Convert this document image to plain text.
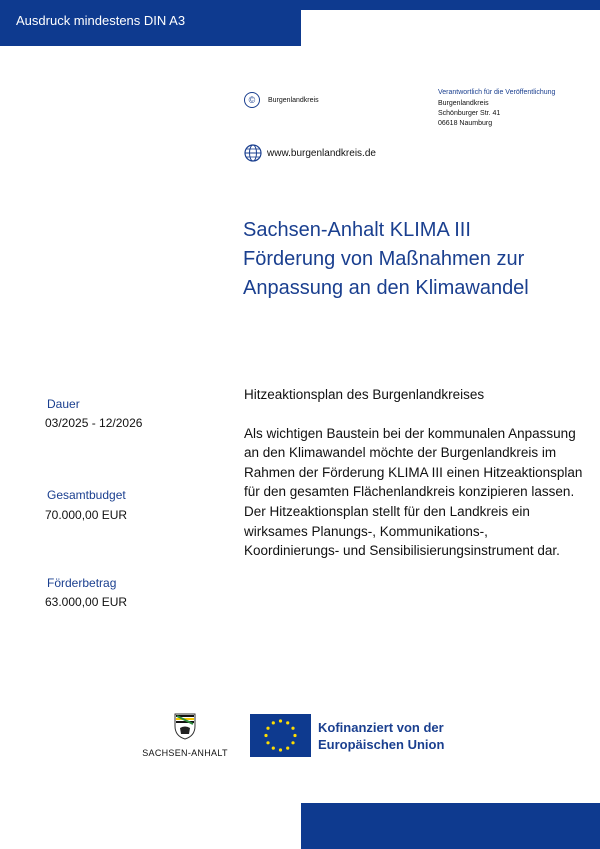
Ausdruck mindestens DIN A3
©	Burgenlandkreis
Verantwortlich für die Veröffentlichung
Burgenlandkreis
Schönburger Str. 41
06618 Naumburg
www.burgenlandkreis.de
Sachsen-Anhalt KLIMA III
Förderung von Maßnahmen zur
Anpassung an den Klimawandel
Dauer
03/2025 - 12/2026
Gesamtbudget
70.000,00 EUR
Förderbetrag
63.000,00 EUR

Hitzeaktionsplan des Burgenlandkreises

Als wichtigen Baustein bei der kommunalen Anpassung an den Klimawandel möchte der Burgenlandkreis im Rahmen der Förderung KLIMA III einen Hitzeaktionsplan für den gesamten Flächenlandkreis konzipieren lassen.

Der Hitzeaktionsplan stellt für den Landkreis ein wirksames Planungs-, Kommunikations-, Koordinierungs- und Sensibilisierungsinstrument dar.

SACHSEN-ANHALT
Kofinanziert von der
Europäischen Union
